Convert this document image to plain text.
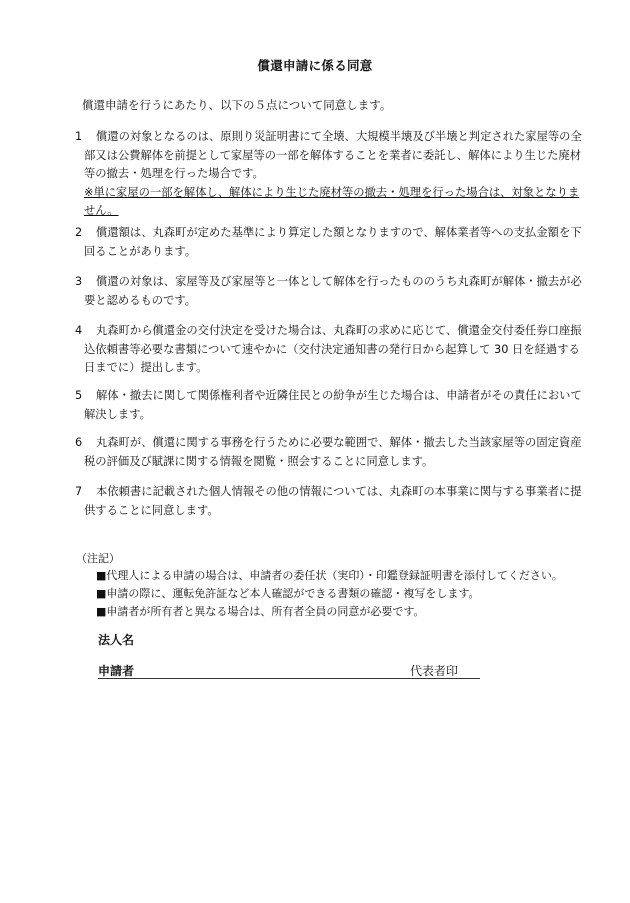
償還申請に係る同意
償還申請を行うにあたり、以下の５点について同意します。
1	償還の対象となるのは、原則り災証明書にて全壊、大規模半壊及び半壊と判定された家屋等の全部又は公費解体を前提として家屋等の一部を解体することを業者に委託し、解体により生じた廃材等の撤去・処理を行った場合です。
※単に家屋の一部を解体し、解体により生じた廃材等の撤去・処理を行った場合は、対象となりません。
2	償還額は、丸森町が定めた基準により算定した額となりますので、解体業者等への支払金額を下回ることがあります。
3	償還の対象は、家屋等及び家屋等と一体として解体を行ったもののうち丸森町が解体・撤去が必要と認めるものです。
4	丸森町から償還金の交付決定を受けた場合は、丸森町の求めに応じて、償還金交付委任券口座振込依頼書等必要な書類について速やかに（交付決定通知書の発行日から起算して 30 日を経過する日までに）提出します。
5	解体・撤去に関して関係権利者や近隣住民との紛争が生じた場合は、申請者がその責任において解決します。
6	丸森町が、償還に関する事務を行うために必要な範囲で、解体・撤去した当該家屋等の固定資産税の評価及び賦課に関する情報を閲覧・照会することに同意します。
7	本依頼書に記載された個人情報その他の情報については、丸森町の本事業に関与する事業者に提供することに同意します。
（注記）
■代理人による申請の場合は、申請者の委任状（実印）・印鑑登録証明書を添付してください。
■申請の際に、運転免許証など本人確認ができる書類の確認・複写をします。
■申請者が所有者と異なる場合は、所有者全員の同意が必要です。
法人名
申請者	代表者印
